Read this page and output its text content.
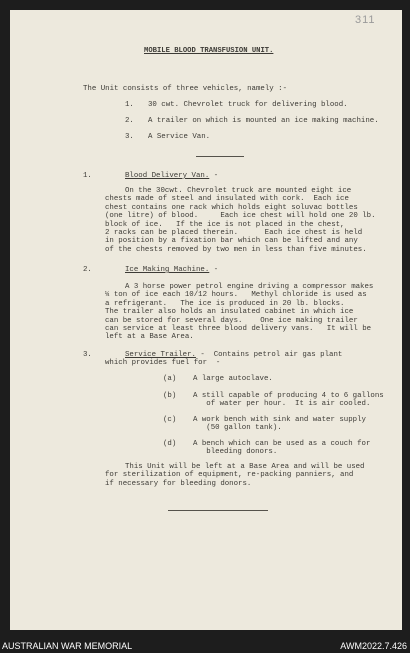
311
MOBILE BLOOD TRANSFUSION UNIT.
The Unit consists of three vehicles, namely :-
1. 30 cwt. Chevrolet truck for delivering blood.
2. A trailer on which is mounted an ice making machine.
3. A Service Van.
1.	Blood Delivery Van. -
On the 30cwt. Chevrolet truck are mounted eight ice
chests made of steel and insulated with cork.  Each ice
chest contains one rack which holds eight soluvac bottles
(one litre) of blood.     Each ice chest will hold one 20 lb.
block of ice.   If the ice is not placed in the chest,
2 racks can be placed therein.      Each ice chest is held
in position by a fixation bar which can be lifted and any
of the chests removed by two men in less than five minutes.
2.	Ice Making Machine. -
A 3 horse power petrol engine driving a compressor makes
¼ ton of ice each 10/12 hours.   Methyl chloride is used as
a refrigerant.   The ice is produced in 20 lb. blocks.
The trailer also holds an insulated cabinet in which ice
can be stored for several days.    One ice making trailer
can service at least three blood delivery vans.   It will be
left at a Base Area.
3.	Service Trailer. -  Contains petrol air gas plant
which provides fuel for  -
(a) A large autoclave.
(b) A still capable of producing 4 to 6 gallons
of water per hour.  It is air cooled.
(c) A work bench with sink and water supply
(50 gallon tank).
(d) A bench which can be used as a couch for
bleeding donors.
This Unit will be left at a Base Area and will be used
for sterilization of equipment, re-packing panniers, and
if necessary for bleeding donors.
AUSTRALIAN WAR MEMORIAL	AWM2022.7.426
